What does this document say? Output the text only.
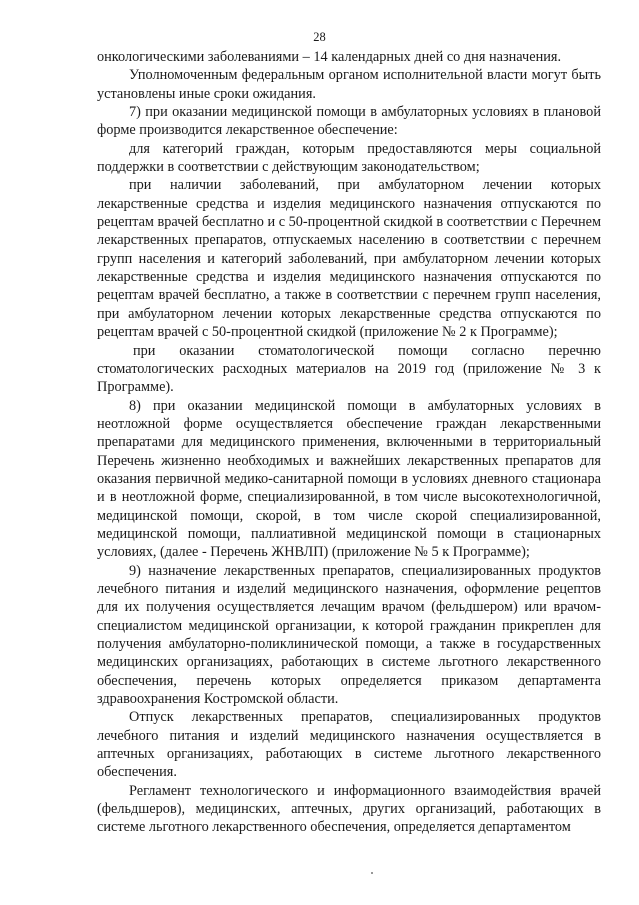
28

онкологическими заболеваниями – 14 календарных дней со дня назначения.

Уполномоченным федеральным органом исполнительной власти могут быть установлены иные сроки ожидания.

7) при оказании медицинской помощи в амбулаторных условиях в плановой форме производится лекарственное обеспечение:

для категорий граждан, которым предоставляются меры социальной поддержки в соответствии с действующим законодательством;

при наличии заболеваний, при амбулаторном лечении которых лекарственные средства и изделия медицинского назначения отпускаются по рецептам врачей бесплатно и с 50-процентной скидкой в соответствии с Перечнем лекарственных препаратов, отпускаемых населению в соответствии с перечнем групп населения и категорий заболеваний, при амбулаторном лечении которых лекарственные средства и изделия медицинского назначения отпускаются по рецептам врачей бесплатно, а также в соответствии с перечнем групп населения, при амбулаторном лечении которых лекарственные средства отпускаются по рецептам врачей с 50-процентной скидкой (приложение № 2 к Программе);

при оказании стоматологической помощи согласно перечню стоматологических расходных материалов на 2019 год (приложение № 3 к Программе).

8) при оказании медицинской помощи в амбулаторных условиях в неотложной форме осуществляется обеспечение граждан лекарственными препаратами для медицинского применения, включенными в территориальный Перечень жизненно необходимых и важнейших лекарственных препаратов для оказания первичной медико-санитарной помощи в условиях дневного стационара и в неотложной форме, специализированной, в том числе высокотехнологичной, медицинской помощи, скорой, в том числе скорой специализированной, медицинской помощи, паллиативной медицинской помощи в стационарных условиях, (далее - Перечень ЖНВЛП) (приложение № 5 к Программе);

9) назначение лекарственных препаратов, специализированных продуктов лечебного питания и изделий медицинского назначения, оформление рецептов для их получения осуществляется лечащим врачом (фельдшером) или врачом-специалистом медицинской организации, к которой гражданин прикреплен для получения амбулаторно-поликлинической помощи, а также в государственных медицинских организациях, работающих в системе льготного лекарственного обеспечения, перечень которых определяется приказом департамента здравоохранения Костромской области.

Отпуск лекарственных препаратов, специализированных продуктов лечебного питания и изделий медицинского назначения осуществляется в аптечных организациях, работающих в системе льготного лекарственного обеспечения.

Регламент технологического и информационного взаимодействия врачей (фельдшеров), медицинских, аптечных, других организаций, работающих в системе льготного лекарственного обеспечения, определяется департаментом
